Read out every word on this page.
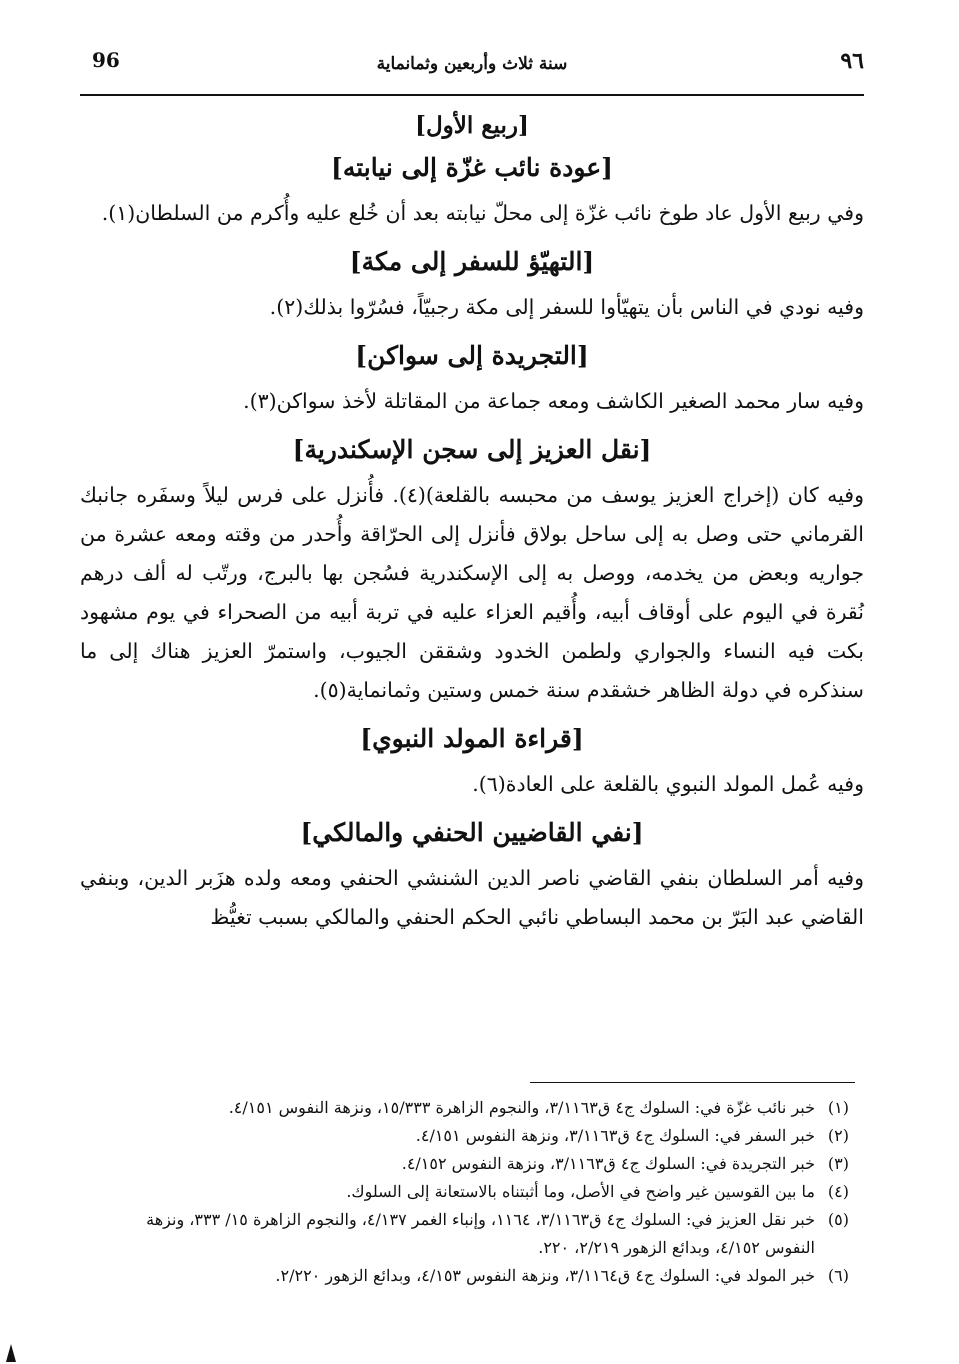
96	سنة ثلاث وأربعين وثمانماية	٩٦
[ربيع الأول]
[عودة نائب غزّة إلى نيابته]

وفي ربيع الأول عاد طوخ نائب غزّة إلى محلّ نيابته بعد أن خُلع عليه وأُكرم من السلطان(١).

[التهيّؤ للسفر إلى مكة]

وفيه نودي في الناس بأن يتهيّأوا للسفر إلى مكة رجبيّاً، فسُرّوا بذلك(٢).

[التجريدة إلى سواكن]

وفيه سار محمد الصغير الكاشف ومعه جماعة من المقاتلة لأخذ سواكن(٣).

[نقل العزيز إلى سجن الإسكندرية]

وفيه كان (إخراج العزيز يوسف من محبسه بالقلعة)(٤). فأُنزل على فرس ليلاً وسفَره جانبك القرماني حتى وصل به إلى ساحل بولاق فأنزل إلى الحرّاقة وأُحدر من وقته ومعه عشرة من جواريه وبعض من يخدمه، ووصل به إلى الإسكندرية فسُجن بها بالبرج، ورتّب له ألف درهم نُقرة في اليوم على أوقاف أبيه، وأُقيم العزاء عليه في تربة أبيه من الصحراء في يوم مشهود بكت فيه النساء والجواري ولطمن الخدود وشققن الجيوب، واستمرّ العزيز هناك إلى ما سنذكره في دولة الظاهر خشقدم سنة خمس وستين وثمانماية(٥).

[قراءة المولد النبوي]

وفيه عُمل المولد النبوي بالقلعة على العادة(٦).

[نفي القاضيين الحنفي والمالكي]

وفيه أمر السلطان بنفي القاضي ناصر الدين الشنشي الحنفي ومعه ولده هزَبر الدين، وبنفي القاضي عبد البَرّ بن محمد البساطي نائبي الحكم الحنفي والمالكي بسبب تغيُّظ

(١)
خبر نائب غزّة في: السلوك ج٤ ق٣/١١٦٣، والنجوم الزاهرة ١٥/٣٣٣، ونزهة النفوس ٤/١٥١.
(٢)
خبر السفر في: السلوك ج٤ ق٣/١١٦٣، ونزهة النفوس ٤/١٥١.
(٣)
خبر التجريدة في: السلوك ج٤ ق٣/١١٦٣، ونزهة النفوس ٤/١٥٢.
(٤)
ما بين القوسين غير واضح في الأصل، وما أثبتناه بالاستعانة إلى السلوك.
(٥)
خبر نقل العزيز في: السلوك ج٤ ق٣/١١٦٣، ١١٦٤، وإنباء الغمر ٤/١٣٧، والنجوم الزاهرة ١٥/ ٣٣٣، ونزهة النفوس ٤/١٥٢، وبدائع الزهور ٢/٢١٩، ٢٢٠.
(٦)
خبر المولد في: السلوك ج٤ ق٣/١١٦٤، ونزهة النفوس ٤/١٥٣، وبدائع الزهور ٢/٢٢٠.
